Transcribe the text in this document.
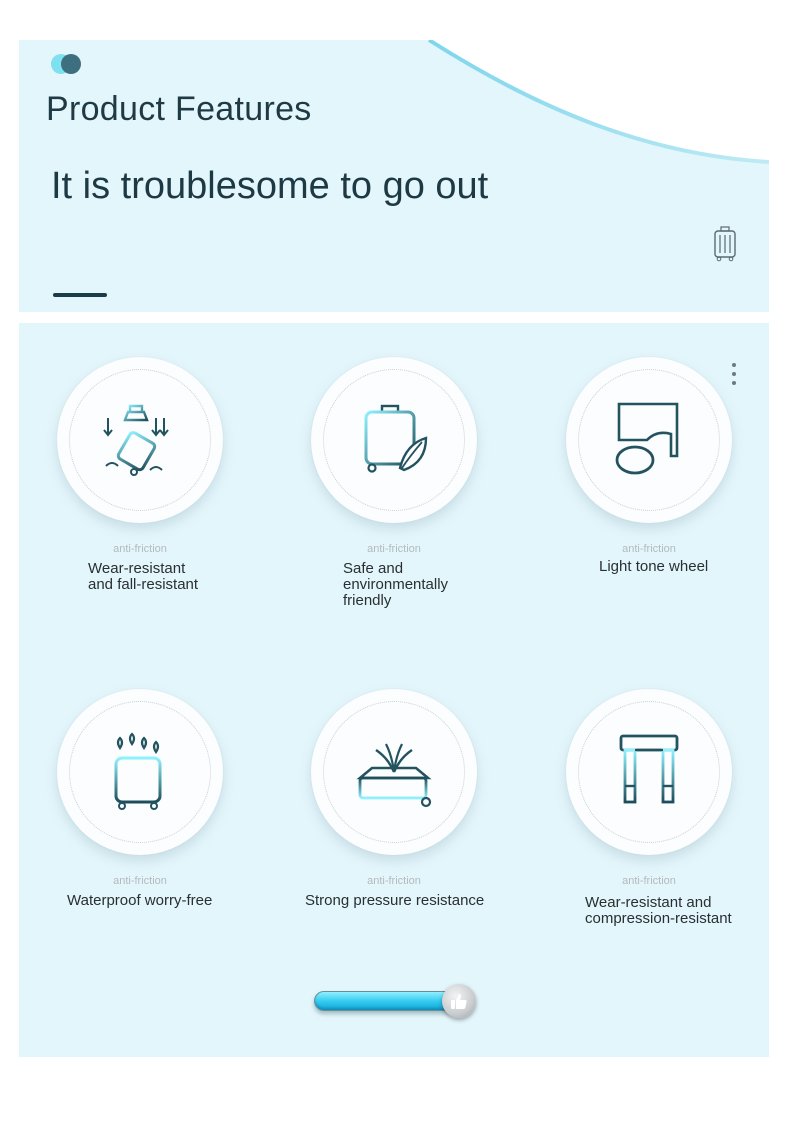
Product Features
It is troublesome to go out
anti-friction
Wear-resistant
and fall-resistant
anti-friction
Safe and
environmentally
friendly
anti-friction
Light tone wheel
anti-friction
Waterproof worry-free
anti-friction
Strong pressure resistance
anti-friction
Wear-resistant and
compression-resistant
